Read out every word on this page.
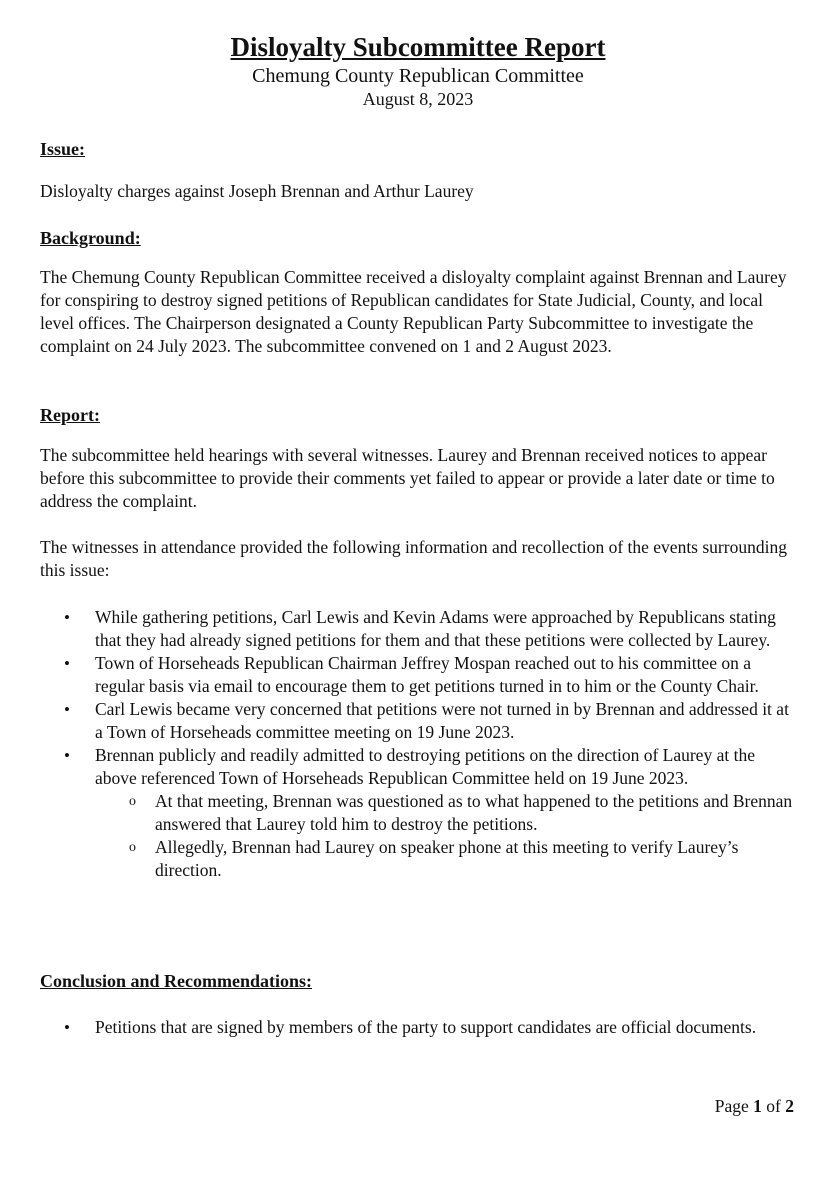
Disloyalty Subcommittee Report

Chemung County Republican Committee

August 8, 2023

Issue:

Disloyalty charges against Joseph Brennan and Arthur Laurey

Background:

The Chemung County Republican Committee received a disloyalty complaint against Brennan and Laurey for conspiring to destroy signed petitions of Republican candidates for State Judicial, County, and local level offices. The Chairperson designated a County Republican Party Subcommittee to investigate the complaint on 24 July 2023. The subcommittee convened on 1 and 2 August 2023.

Report:

The subcommittee held hearings with several witnesses. Laurey and Brennan received notices to appear before this subcommittee to provide their comments yet failed to appear or provide a later date or time to address the complaint.

The witnesses in attendance provided the following information and recollection of the events surrounding this issue:

• While gathering petitions, Carl Lewis and Kevin Adams were approached by Republicans stating that they had already signed petitions for them and that these petitions were collected by Laurey.
• Town of Horseheads Republican Chairman Jeffrey Mospan reached out to his committee on a regular basis via email to encourage them to get petitions turned in to him or the County Chair.
• Carl Lewis became very concerned that petitions were not turned in by Brennan and addressed it at a Town of Horseheads committee meeting on 19 June 2023.
• Brennan publicly and readily admitted to destroying petitions on the direction of Laurey at the above referenced Town of Horseheads Republican Committee held on 19 June 2023.
o At that meeting, Brennan was questioned as to what happened to the petitions and Brennan answered that Laurey told him to destroy the petitions.
o Allegedly, Brennan had Laurey on speaker phone at this meeting to verify Laurey’s direction.
Conclusion and Recommendations:
• Petitions that are signed by members of the party to support candidates are official documents.
Page 1 of 2
